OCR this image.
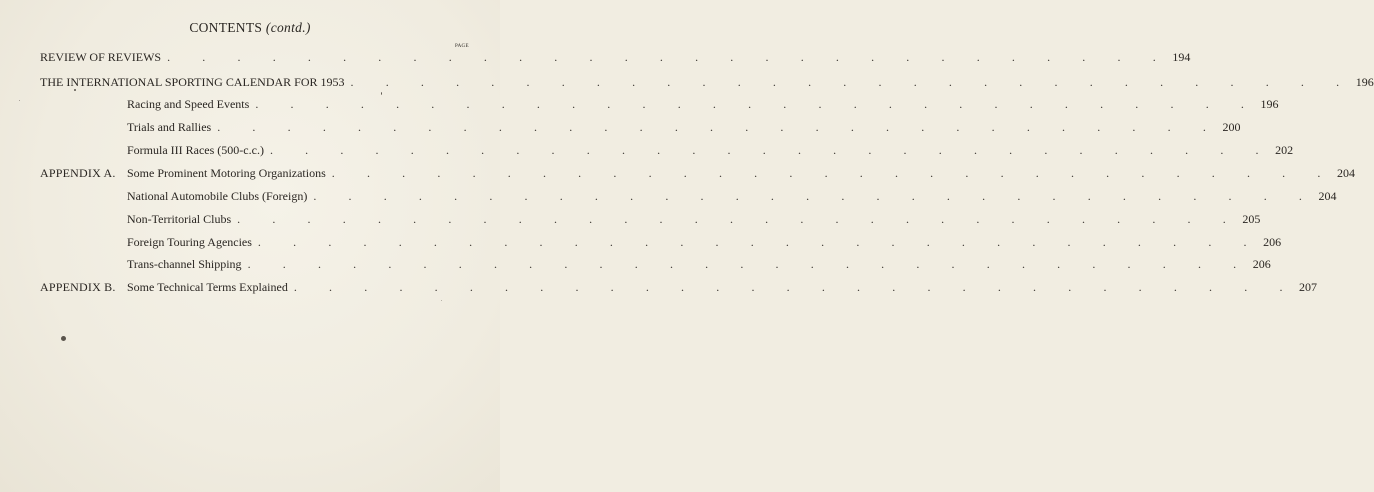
CONTENTS (contd.)
PAGE
REVIEW OF REVIEWS . . . . . . . . . . . . . . . . . . . . . . . . . . . . . 194
THE INTERNATIONAL SPORTING CALENDAR FOR 1953 . . . . . . . . . . . . . . . . . . . . . . . . . . . . . 196
Racing and Speed Events . . . . . . . . . . . . . . . . . . . . . . . . . . . . . 196
Trials and Rallies . . . . . . . . . . . . . . . . . . . . . . . . . . . . . 200
Formula III Races (500-c.c.) . . . . . . . . . . . . . . . . . . . . . . . . . . . . . 202
APPENDIX A. Some Prominent Motoring Organizations . . . . . . . . . . . . . . . . . . . . . . . . . . . . . 204
National Automobile Clubs (Foreign) . . . . . . . . . . . . . . . . . . . . . . . . . . . . . 204
Non-Territorial Clubs . . . . . . . . . . . . . . . . . . . . . . . . . . . . . 205
Foreign Touring Agencies . . . . . . . . . . . . . . . . . . . . . . . . . . . . . 206
Trans-channel Shipping . . . . . . . . . . . . . . . . . . . . . . . . . . . . . 206
APPENDIX B. Some Technical Terms Explained . . . . . . . . . . . . . . . . . . . . . . . . . . . . . 207
